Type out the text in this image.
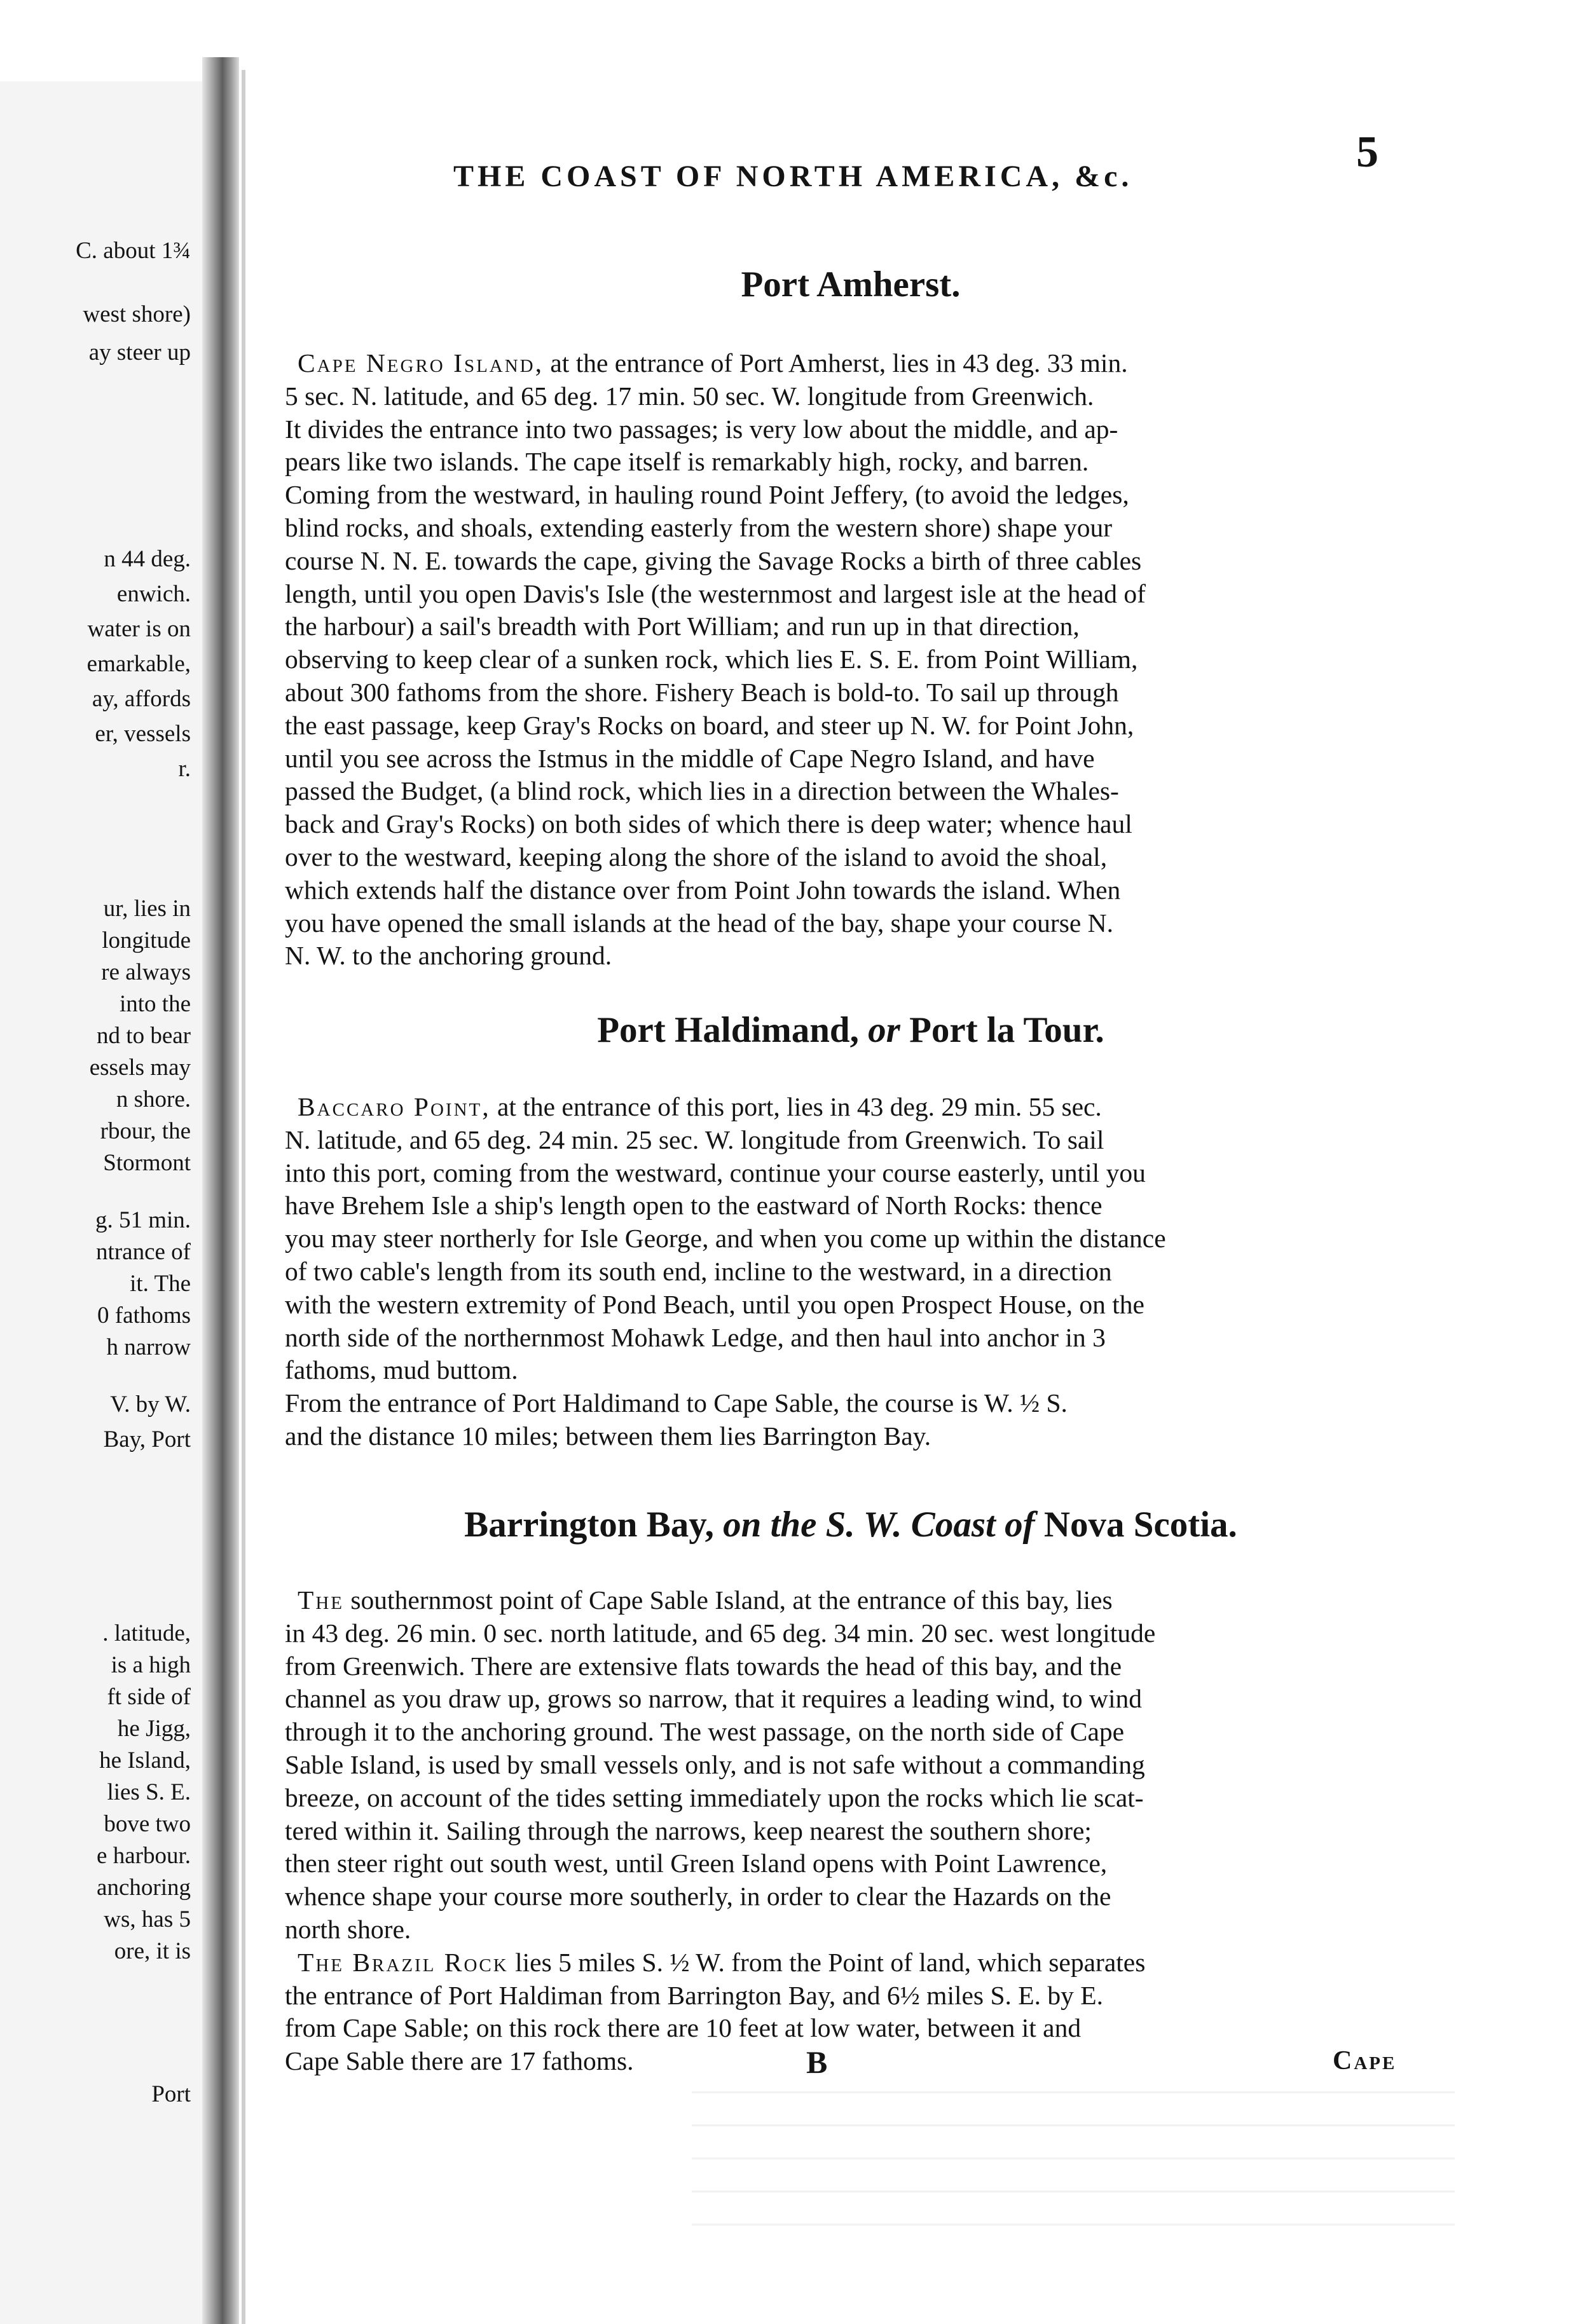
C. about 1¾
west shore)
ay steer up
n 44 deg.
enwich.
water is on
emarkable,
ay, affords
er, vessels
r.
ur, lies in
longitude
re always
into the
nd to bear
essels may
n shore.
rbour, the
Stormont
g. 51 min.
ntrance of
it. The
0 fathoms
h narrow
V. by W.
Bay, Port
. latitude,
is a high
ft side of
he Jigg,
he Island,
lies S. E.
bove two
e harbour.
anchoring
ws, has 5
ore, it is
Port
THE COAST OF NORTH AMERICA, &c.	5
Port Amherst.
Cape Negro Island, at the entrance of Port Amherst, lies in 43 deg. 33 min.
5 sec. N. latitude, and 65 deg. 17 min. 50 sec. W. longitude from Greenwich.
It divides the entrance into two passages; is very low about the middle, and ap-
pears like two islands. The cape itself is remarkably high, rocky, and barren.
Coming from the westward, in hauling round Point Jeffery, (to avoid the ledges,
blind rocks, and shoals, extending easterly from the western shore) shape your
course N. N. E. towards the cape, giving the Savage Rocks a birth of three cables
length, until you open Davis's Isle (the westernmost and largest isle at the head of
the harbour) a sail's breadth with Port William; and run up in that direction,
observing to keep clear of a sunken rock, which lies E. S. E. from Point William,
about 300 fathoms from the shore. Fishery Beach is bold-to. To sail up through
the east passage, keep Gray's Rocks on board, and steer up N. W. for Point John,
until you see across the Istmus in the middle of Cape Negro Island, and have
passed the Budget, (a blind rock, which lies in a direction between the Whales-
back and Gray's Rocks) on both sides of which there is deep water; whence haul
over to the westward, keeping along the shore of the island to avoid the shoal,
which extends half the distance over from Point John towards the island. When
you have opened the small islands at the head of the bay, shape your course N.
N. W. to the anchoring ground.
Port Haldimand, or Port la Tour.
Baccaro Point, at the entrance of this port, lies in 43 deg. 29 min. 55 sec.
N. latitude, and 65 deg. 24 min. 25 sec. W. longitude from Greenwich. To sail
into this port, coming from the westward, continue your course easterly, until you
have Brehem Isle a ship's length open to the eastward of North Rocks: thence
you may steer northerly for Isle George, and when you come up within the distance
of two cable's length from its south end, incline to the westward, in a direction
with the western extremity of Pond Beach, until you open Prospect House, on the
north side of the northernmost Mohawk Ledge, and then haul into anchor in 3
fathoms, mud buttom.
From the entrance of Port Haldimand to Cape Sable, the course is W. ½ S.
and the distance 10 miles; between them lies Barrington Bay.
Barrington Bay, on the S. W. Coast of Nova Scotia.
The southernmost point of Cape Sable Island, at the entrance of this bay, lies
in 43 deg. 26 min. 0 sec. north latitude, and 65 deg. 34 min. 20 sec. west longitude
from Greenwich. There are extensive flats towards the head of this bay, and the
channel as you draw up, grows so narrow, that it requires a leading wind, to wind
through it to the anchoring ground. The west passage, on the north side of Cape
Sable Island, is used by small vessels only, and is not safe without a commanding
breeze, on account of the tides setting immediately upon the rocks which lie scat-
tered within it. Sailing through the narrows, keep nearest the southern shore;
then steer right out south west, until Green Island opens with Point Lawrence,
whence shape your course more southerly, in order to clear the Hazards on the
north shore.
The Brazil Rock lies 5 miles S. ½ W. from the Point of land, which separates
the entrance of Port Haldiman from Barrington Bay, and 6½ miles S. E. by E.
from Cape Sable; on this rock there are 10 feet at low water, between it and
Cape Sable there are 17 fathoms.	B	Cape
